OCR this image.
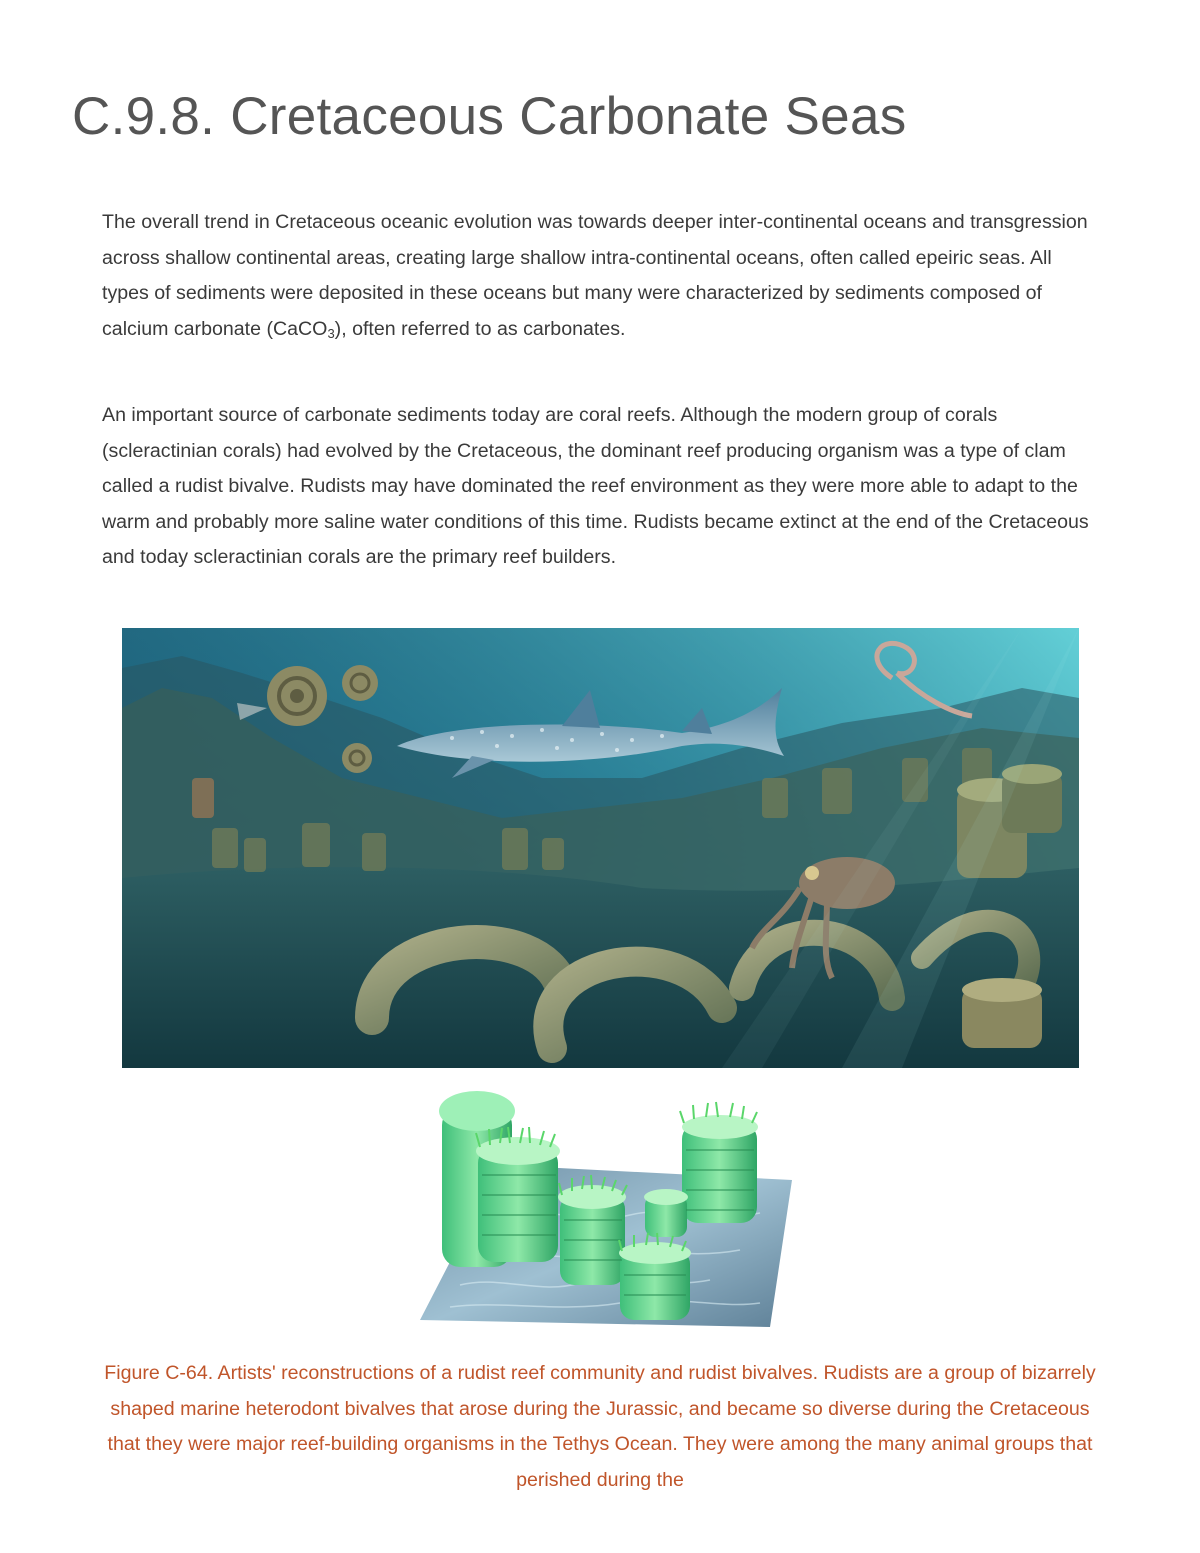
C.9.8. Cretaceous Carbonate Seas

The overall trend in Cretaceous oceanic evolution was towards deeper inter-continental oceans and transgression across shallow continental areas, creating large shallow intra-continental oceans, often called epeiric seas. All types of sediments were deposited in these oceans but many were characterized by sediments composed of calcium carbonate (CaCO$_3$), often referred to as carbonates.

An important source of carbonate sediments today are coral reefs. Although the modern group of corals (scleractinian corals) had evolved by the Cretaceous, the dominant reef producing organism was a type of clam called a rudist bivalve. Rudists may have dominated the reef environment as they were more able to adapt to the warm and probably more saline water conditions of this time. Rudists became extinct at the end of the Cretaceous and today scleractinian corals are the primary reef builders.

Figure C-64. Artists' reconstructions of a rudist reef community and rudist bivalves. Rudists are a group of bizarrely shaped marine heterodont bivalves that arose during the Jurassic, and became so diverse during the Cretaceous that they were major reef-building organisms in the Tethys Ocean. They were among the many animal groups that perished during the
